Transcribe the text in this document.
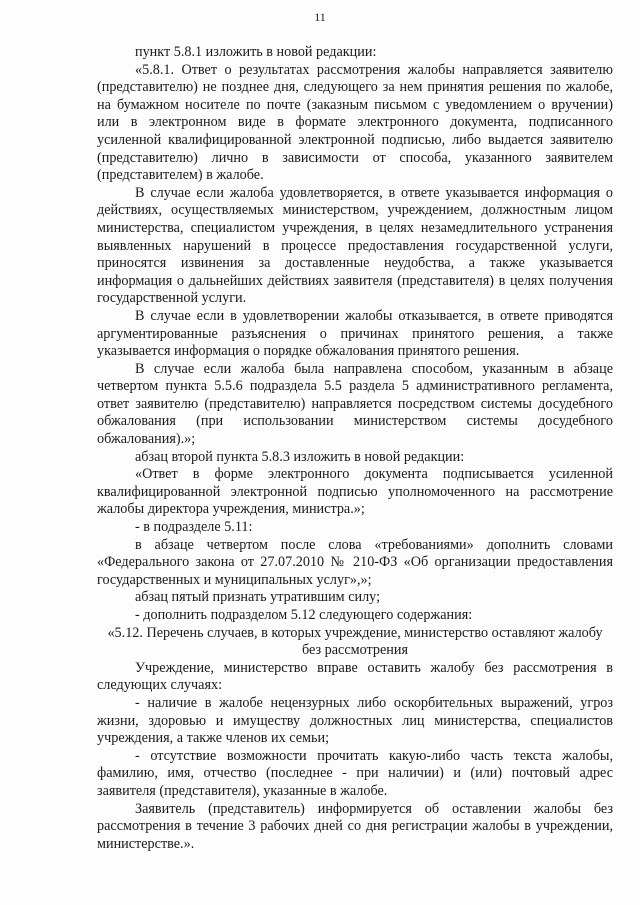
11

пункт 5.8.1 изложить в новой редакции:

«5.8.1. Ответ о результатах рассмотрения жалобы направляется заявителю (представителю) не позднее дня, следующего за нем принятия решения по жалобе, на бумажном носителе по почте (заказным письмом с уведомлением о вручении) или в электронном виде в формате электронного документа, подписанного усиленной квалифицированной электронной подписью, либо выдается заявителю (представителю) лично в зависимости от способа, указанного заявителем (представителем) в жалобе.

В случае если жалоба удовлетворяется, в ответе указывается информация о действиях, осуществляемых министерством, учреждением, должностным лицом министерства, специалистом учреждения, в целях незамедлительного устранения выявленных нарушений в процессе предоставления государственной услуги, приносятся извинения за доставленные неудобства, а также указывается информация о дальнейших действиях заявителя (представителя) в целях получения государственной услуги.

В случае если в удовлетворении жалобы отказывается, в ответе приводятся аргументированные разъяснения о причинах принятого решения, а также указывается информация о порядке обжалования принятого решения.

В случае если жалоба была направлена способом, указанным в абзаце четвертом пункта 5.5.6 подраздела 5.5 раздела 5 административного регламента, ответ заявителю (представителю) направляется посредством системы досудебного обжалования (при использовании министерством системы досудебного обжалования).»;

абзац второй пункта 5.8.3 изложить в новой редакции:

«Ответ в форме электронного документа подписывается усиленной квалифицированной электронной подписью уполномоченного на рассмотрение жалобы директора учреждения, министра.»;

- в подразделе 5.11:

в абзаце четвертом после слова «требованиями» дополнить словами «Федерального закона от 27.07.2010 № 210-ФЗ «Об организации предоставления государственных и муниципальных услуг»,»;

абзац пятый признать утратившим силу;

- дополнить подразделом 5.12 следующего содержания:

«5.12. Перечень случаев, в которых учреждение, министерство оставляют жалобу без рассмотрения

Учреждение, министерство вправе оставить жалобу без рассмотрения в следующих случаях:

- наличие в жалобе нецензурных либо оскорбительных выражений, угроз жизни, здоровью и имуществу должностных лиц министерства, специалистов учреждения, а также членов их семьи;

- отсутствие возможности прочитать какую-либо часть текста жалобы, фамилию, имя, отчество (последнее - при наличии) и (или) почтовый адрес заявителя (представителя), указанные в жалобе.

Заявитель (представитель) информируется об оставлении жалобы без рассмотрения в течение 3 рабочих дней со дня регистрации жалобы в учреждении, министерстве.».
